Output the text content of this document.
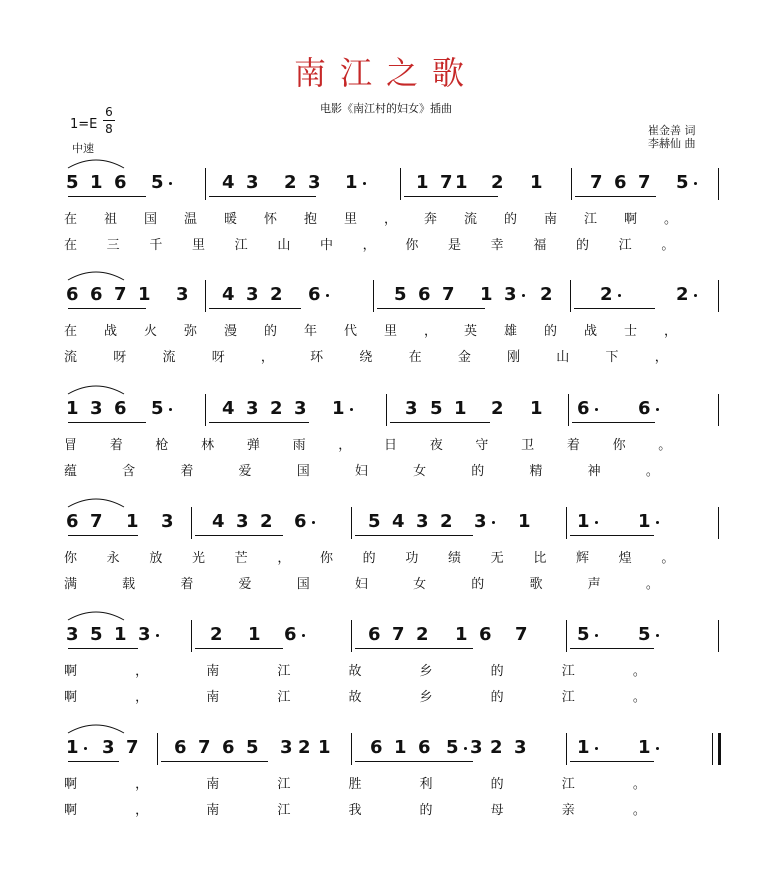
南江之歌
电影《南江村的妇女》插曲
1=E
6
8
中速
崔金善 词
李赫仙 曲
5 1 6 5	4 3 2 3 1	1 7 1 2 1	7 6 7 5
在 祖 国 温 暖 怀 抱 里 ， 奔 流 的 南 江 啊 。
在 三 千 里 江 山 中 ， 你 是 幸 福 的 江 。
6 6 7 1 3 4 3 2 6	5 6 7 1 3 2	2	2
在 战 火 弥 漫 的 年 代 里 ， 英 雄 的 战 士 ，
流	呀	流	呀	，	环	绕	在	金	刚	山	下	，
1 3 6 5	4 3 2 3 1	3 5 1 2 1 6	6
冒	着	枪	林	弹	雨	，	日	夜	守	卫	着	你	。
蕴	含	着	爱	国	妇	女	的	精	神	。
6 7 1 3 4 3 2 6	5 4 3 2 3 1	1	1
你 永 放 光 芒 ， 你 的 功 绩 无 比 辉 煌 。
满	载	着	爱	国	妇	女	的	歌	声	。
3 5 1 3	2 1 6	6 7 2 1 6 7	5	5
啊	，	南	江	故	乡	的	江	。
啊	，	南	江	故	乡	的	江	。
1 3 7 6 7 6 5 3 2 1 6 1 6 5 3 2 3	1	1
啊	，	南	江	胜	利	的	江	。
啊	，	南	江	我	的	母	亲	。
